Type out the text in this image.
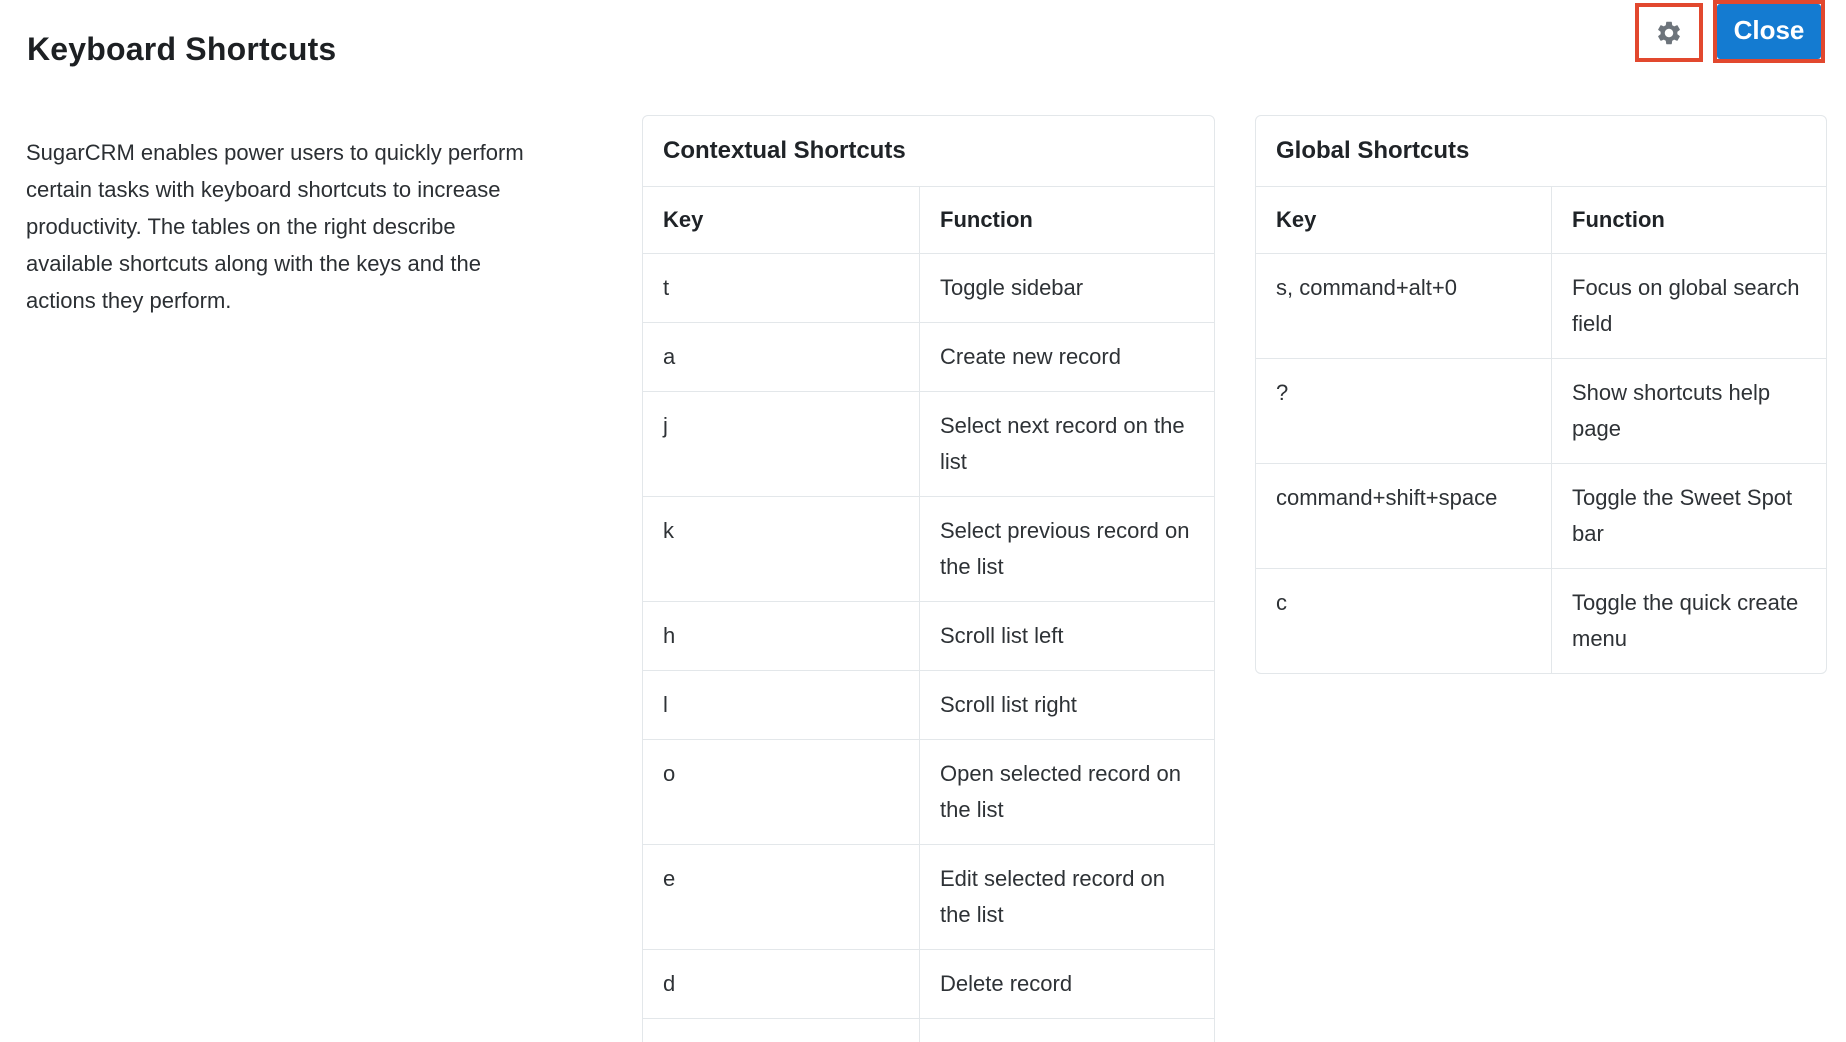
Keyboard Shortcuts
Close

SugarCRM enables power users to quickly perform certain tasks with keyboard shortcuts to increase productivity. The tables on the right describe available shortcuts along with the keys and the actions they perform.

Contextual Shortcuts	
Key	Function
t	Toggle sidebar
a	Create new record
j	Select next record on the list
k	Select previous record on the list
h	Scroll list left
l	Scroll list right
o	Open selected record on the list
e	Edit selected record on the list
d	Delete record

Global Shortcuts	
Key	Function
s, command+alt+0	Focus on global search field
?	Show shortcuts help page
command+shift+space	Toggle the Sweet Spot bar
c	Toggle the quick create menu
